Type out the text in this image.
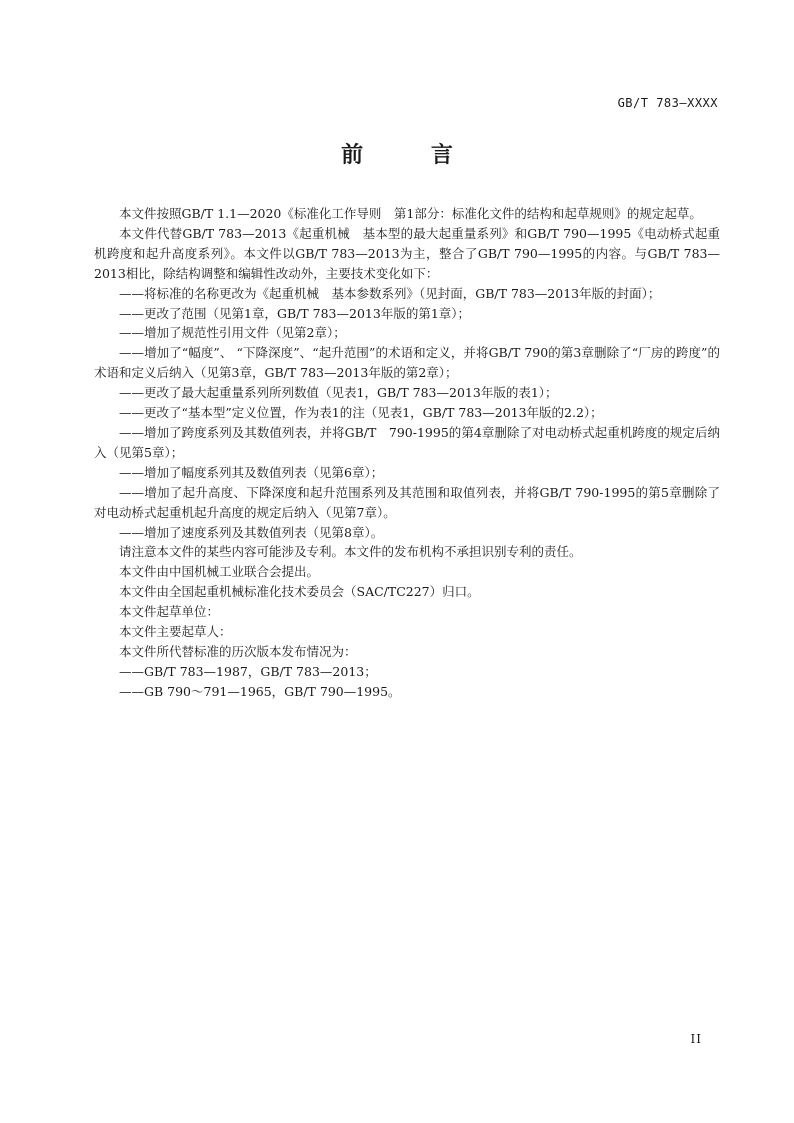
GB/T 783—XXXX
前 言

本文件按照GB/T 1.1—2020《标准化工作导则　第1部分：标准化文件的结构和起草规则》的规定起草。

本文件代替GB/T 783—2013《起重机械　基本型的最大起重量系列》和GB/T 790—1995《电动桥式起重机跨度和起升高度系列》。本文件以GB/T 783—2013为主，整合了GB/T 790—1995的内容。与GB/T 783—2013相比，除结构调整和编辑性改动外，主要技术变化如下：

——将标准的名称更改为《起重机械　基本参数系列》（见封面，GB/T 783—2013年版的封面）；

——更改了范围（见第1章，GB/T 783—2013年版的第1章）；

——增加了规范性引用文件（见第2章）；

——增加了“幅度”、 “下降深度”、“起升范围”的术语和定义，并将GB/T 790的第3章删除了“厂房的跨度”的术语和定义后纳入（见第3章，GB/T 783—2013年版的第2章）；

——更改了最大起重量系列所列数值（见表1，GB/T 783—2013年版的表1）；

——更改了“基本型”定义位置，作为表1的注（见表1，GB/T 783—2013年版的2.2）；

——增加了跨度系列及其数值列表，并将GB/T　790-1995的第4章删除了对电动桥式起重机跨度的规定后纳入（见第5章）；

——增加了幅度系列其及数值列表（见第6章）；

——增加了起升高度、下降深度和起升范围系列及其范围和取值列表，并将GB/T 790-1995的第5章删除了对电动桥式起重机起升高度的规定后纳入（见第7章）。

——增加了速度系列及其数值列表（见第8章）。

请注意本文件的某些内容可能涉及专利。本文件的发布机构不承担识别专利的责任。

本文件由中国机械工业联合会提出。

本文件由全国起重机械标准化技术委员会（SAC/TC227）归口。

本文件起草单位：

本文件主要起草人：

本文件所代替标准的历次版本发布情况为：

——GB/T 783—1987，GB/T 783—2013；

——GB 790～791—1965，GB/T 790—1995。

II
